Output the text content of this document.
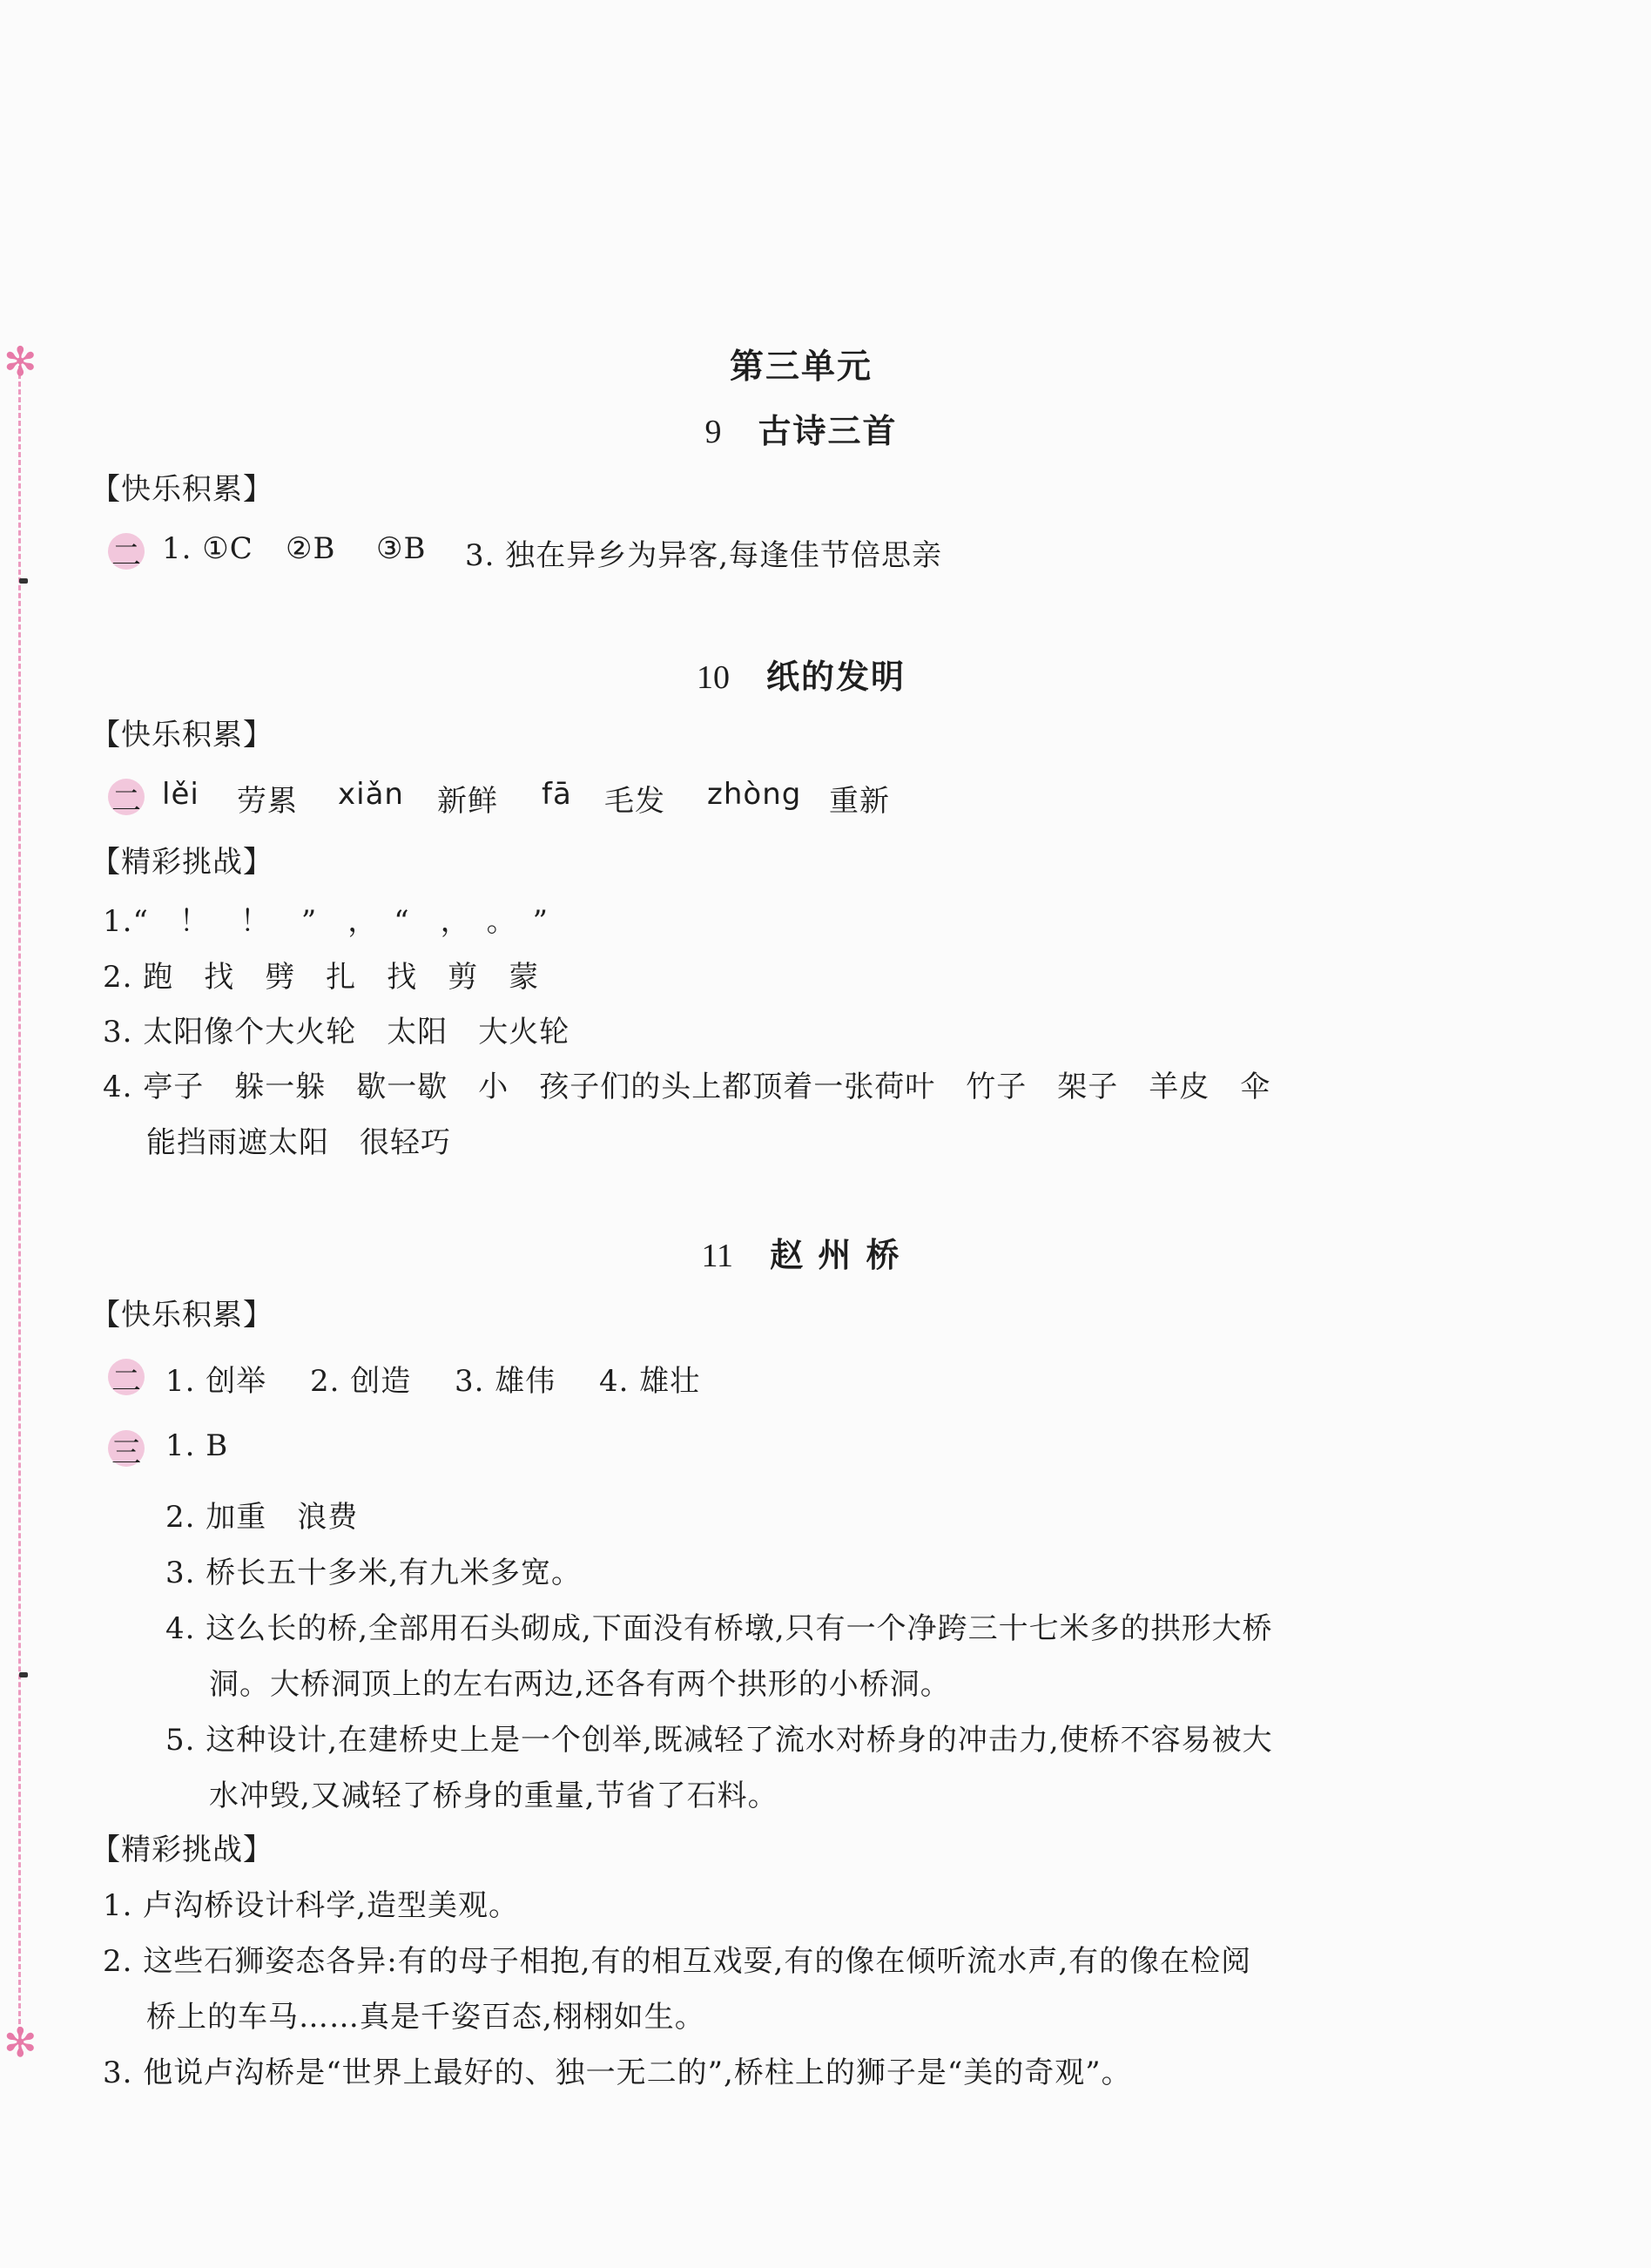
✻
✻
第三单元
9 古诗三首
【快乐积累】
二 1. ①C ②B ③B 3. 独在异乡为异客,每逢佳节倍思亲
10 纸的发明
【快乐积累】
二 lěi 劳累 xiǎn 新鲜 fā 毛发 zhòng 重新
【精彩挑战】
1.“　！　！　”　，　“　，　。　”
2. 跑　找　劈　扎　找　剪　蒙
3. 太阳像个大火轮　太阳　大火轮
4. 亭子　躲一躲　歇一歇　小　孩子们的头上都顶着一张荷叶　竹子　架子　羊皮　伞
能挡雨遮太阳　很轻巧
11 赵 州 桥
【快乐积累】
二 1. 创举 2. 创造 3. 雄伟 4. 雄壮
三 1. B
2. 加重　浪费
3. 桥长五十多米,有九米多宽。
4. 这么长的桥,全部用石头砌成,下面没有桥墩,只有一个净跨三十七米多的拱形大桥
洞。大桥洞顶上的左右两边,还各有两个拱形的小桥洞。
5. 这种设计,在建桥史上是一个创举,既减轻了流水对桥身的冲击力,使桥不容易被大
水冲毁,又减轻了桥身的重量,节省了石料。
【精彩挑战】
1. 卢沟桥设计科学,造型美观。
2. 这些石狮姿态各异:有的母子相抱,有的相互戏耍,有的像在倾听流水声,有的像在检阅
桥上的车马……真是千姿百态,栩栩如生。
3. 他说卢沟桥是“世界上最好的、独一无二的”,桥柱上的狮子是“美的奇观”。
